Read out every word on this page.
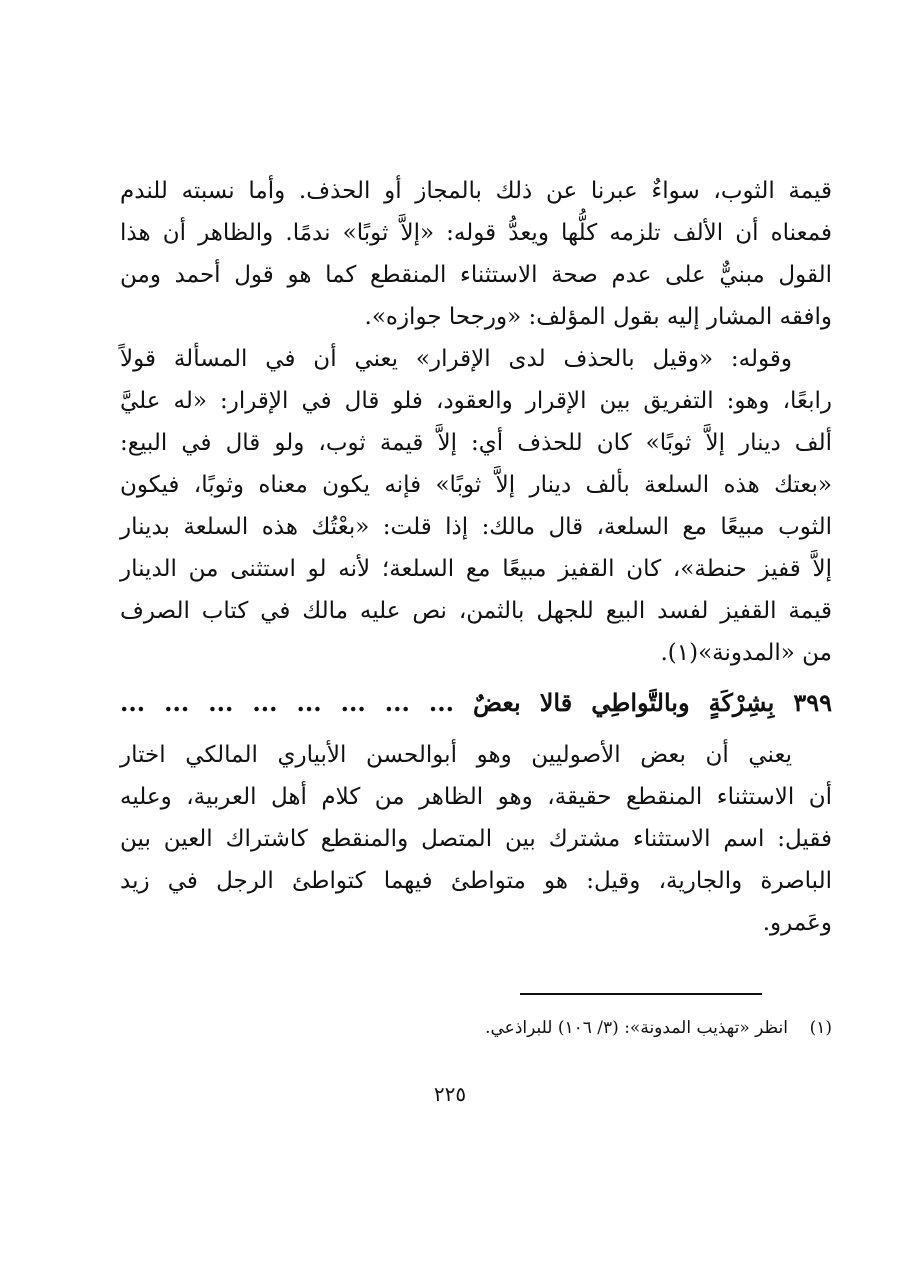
قيمة الثوب، سواءٌ عبرنا عن ذلك بالمجاز أو الحذف. وأما نسبته للندم
فمعناه أن الألف تلزمه كلُّها ويعدُّ قوله: «إلاَّ ثوبًا» ندمًا. والظاهر أن هذا
القول مبنيٌّ على عدم صحة الاستثناء المنقطع كما هو قول أحمد ومن
وافقه المشار إليه بقول المؤلف: «ورجحا جوازه».
وقوله: «وقيل بالحذف لدى الإقرار» يعني أن في المسألة قولاً
رابعًا، وهو: التفريق بين الإقرار والعقود، فلو قال في الإقرار: «له عليَّ
ألف دينار إلاَّ ثوبًا» كان للحذف أي: إلاَّ قيمة ثوب، ولو قال في البيع:
«بعتك هذه السلعة بألف دينار إلاَّ ثوبًا» فإنه يكون معناه وثوبًا، فيكون
الثوب مبيعًا مع السلعة، قال مالك: إذا قلت: «بعْتُك هذه السلعة بدينار
إلاَّ قفيز حنطة»، كان القفيز مبيعًا مع السلعة؛ لأنه لو استثنى من الدينار
قيمة القفيز لفسد البيع للجهل بالثمن، نص عليه مالك في كتاب الصرف
من «المدونة»(١).
٣٩٩ بِشِرْكَةٍ وبالتَّواطِي قالا بعضٌ ... ... ... ... ... ... ... ...
يعني أن بعض الأصوليين وهو أبوالحسن الأبياري المالكي اختار
أن الاستثناء المنقطع حقيقة، وهو الظاهر من كلام أهل العربية، وعليه
فقيل: اسم الاستثناء مشترك بين المتصل والمنقطع كاشتراك العين بين
الباصرة والجارية، وقيل: هو متواطئ فيهما كتواطئ الرجل في زيد
وعَمرو.
(١)    انظر «تهذيب المدونة»: (٣/ ١٠٦) للبراذعي.
٢٢٥
